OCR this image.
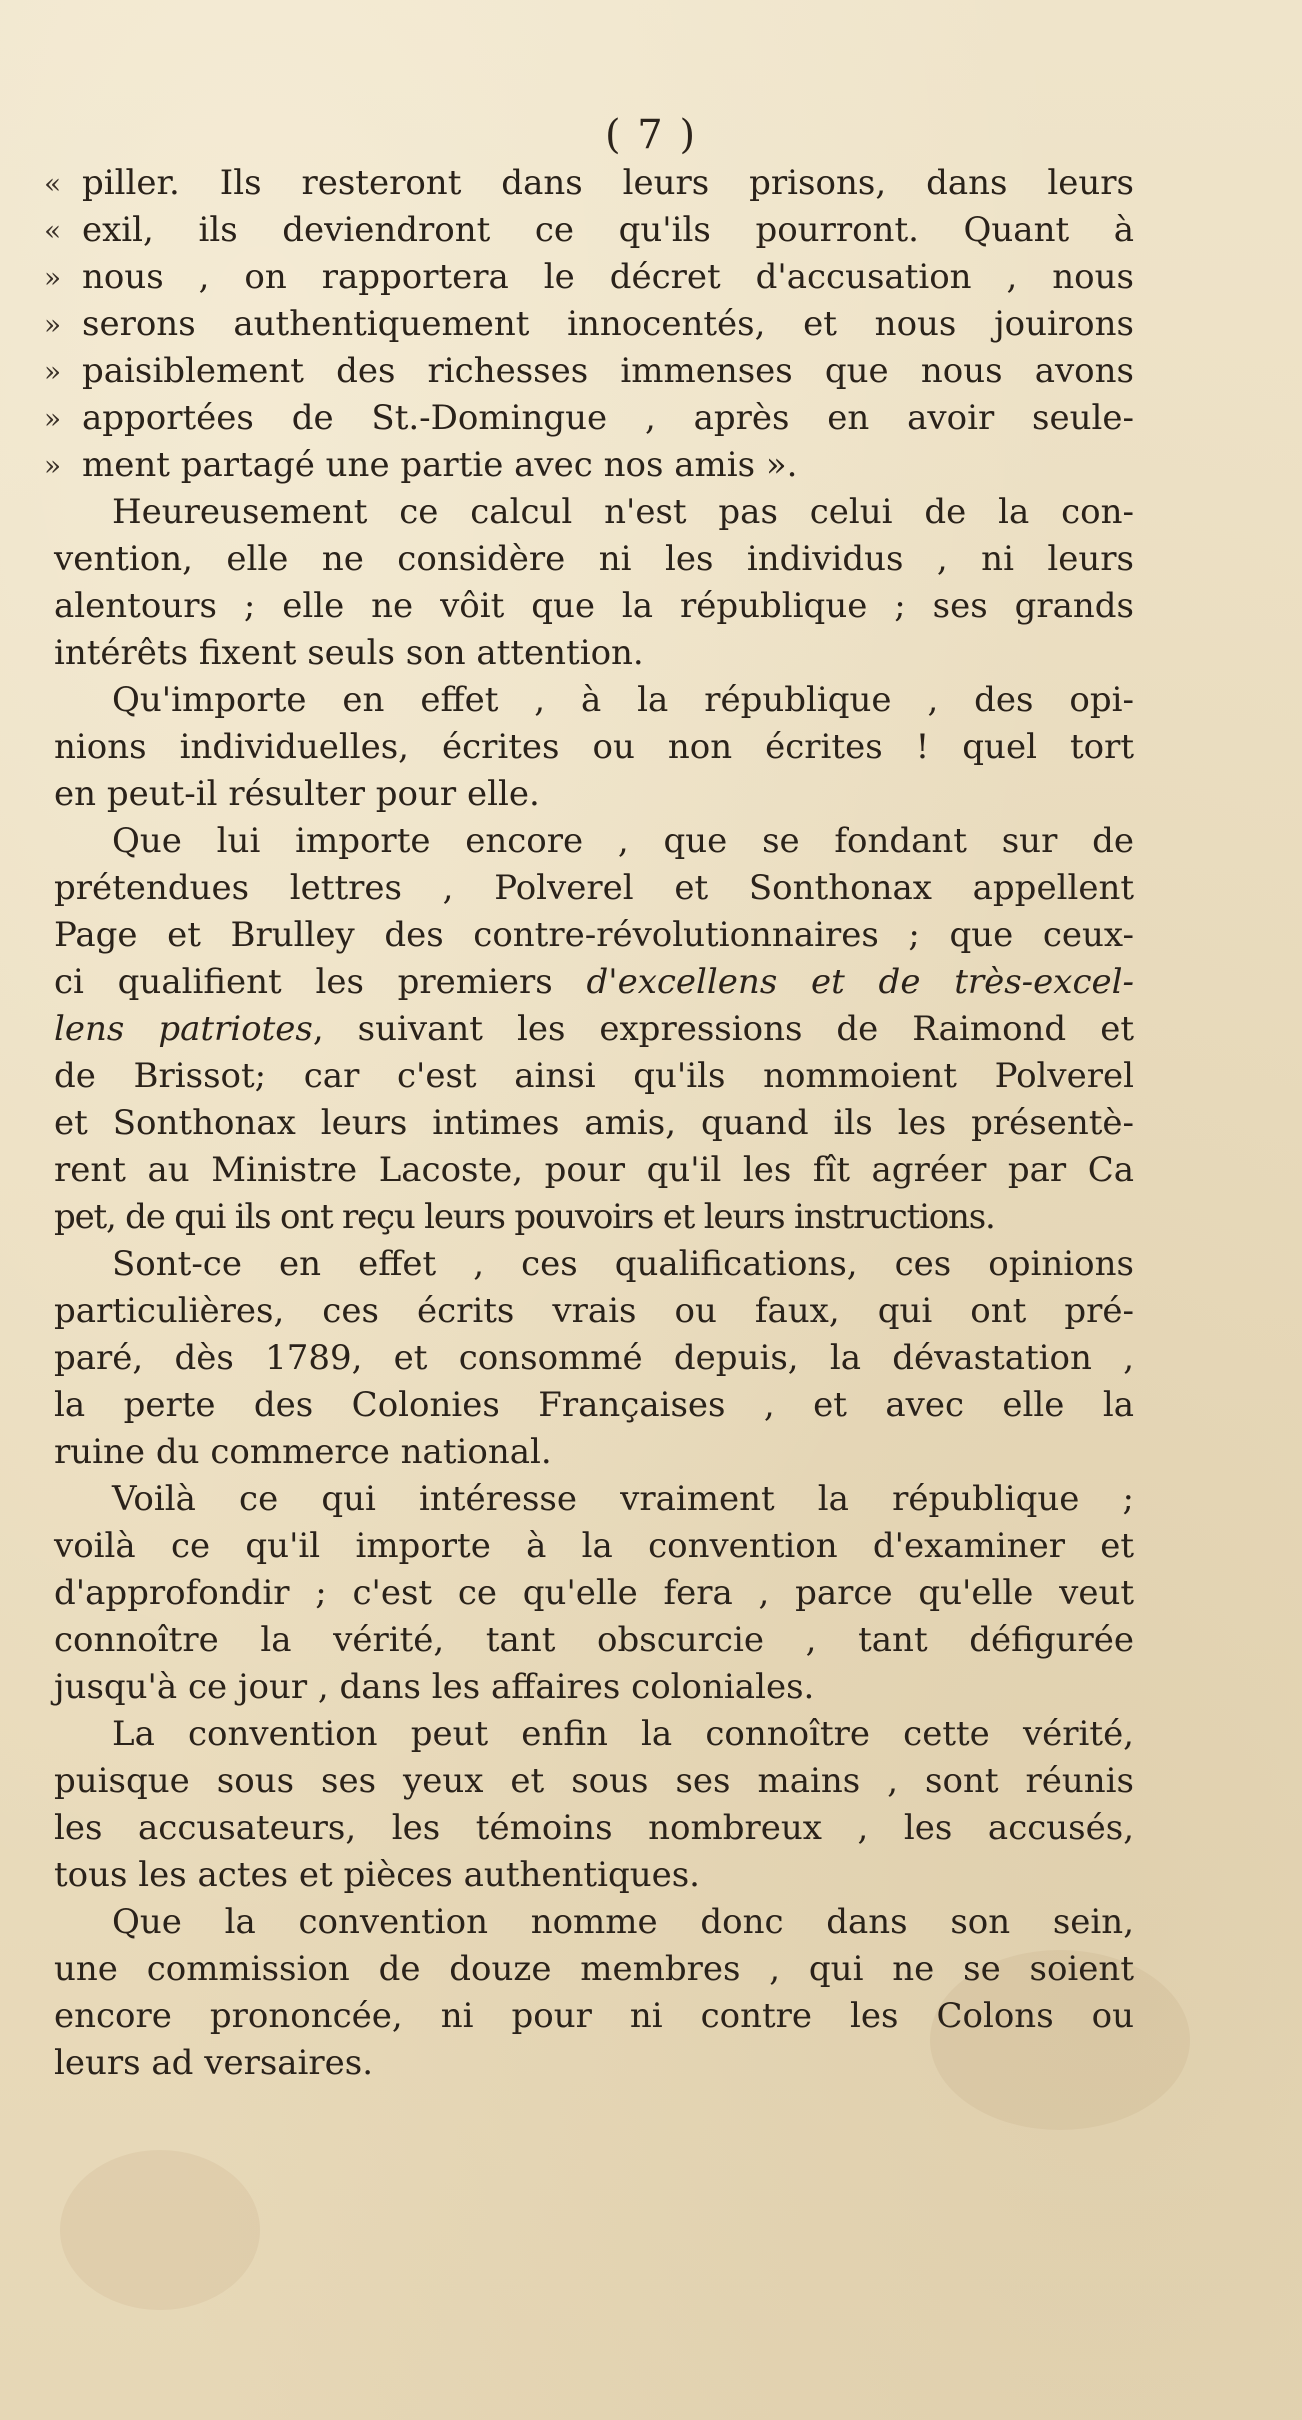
( 7 )
« piller. Ils resteront dans leurs prisons, dans leurs
« exil, ils deviendront ce qu'ils pourront. Quant à
» nous , on rapportera le décret d'accusation , nous
» serons authentiquement innocentés, et nous jouirons
» paisiblement des richesses immenses que nous avons
» apportées de St.-Domingue , après en avoir seule-
» ment partagé une partie avec nos amis ».
Heureusement ce calcul n'est pas celui de la con-
vention, elle ne considère ni les individus , ni leurs
alentours ; elle ne vôit que la république ; ses grands
intérêts fixent seuls son attention.
Qu'importe en effet , à la république , des opi-
nions individuelles, écrites ou non écrites ! quel tort
en peut-il résulter pour elle.
Que lui importe encore , que se fondant sur de
prétendues lettres , Polverel et Sonthonax appellent
Page et Brulley des contre-révolutionnaires ; que ceux-
ci qualifient les premiers d'excellens et de très-excel-
lens patriotes, suivant les expressions de Raimond et
de Brissot; car c'est ainsi qu'ils nommoient Polverel
et Sonthonax leurs intimes amis, quand ils les présentè-
rent au Ministre Lacoste, pour qu'il les fît agréer par Ca
pet, de qui ils ont reçu leurs pouvoirs et leurs instructions.
Sont-ce en effet , ces qualifications, ces opinions
particulières, ces écrits vrais ou faux, qui ont pré-
paré, dès 1789, et consommé depuis, la dévastation ,
la perte des Colonies Françaises , et avec elle la
ruine du commerce national.
Voilà ce qui intéresse vraiment la république ;
voilà ce qu'il importe à la convention d'examiner et
d'approfondir ; c'est ce qu'elle fera , parce qu'elle veut
connoître la vérité, tant obscurcie , tant défigurée
jusqu'à ce jour , dans les affaires coloniales.
La convention peut enfin la connoître cette vérité,
puisque sous ses yeux et sous ses mains , sont réunis
les accusateurs, les témoins nombreux , les accusés,
tous les actes et pièces authentiques.
Que la convention nomme donc dans son sein,
une commission de douze membres , qui ne se soient
encore prononcée, ni pour ni contre les Colons ou
leurs ad versaires.
